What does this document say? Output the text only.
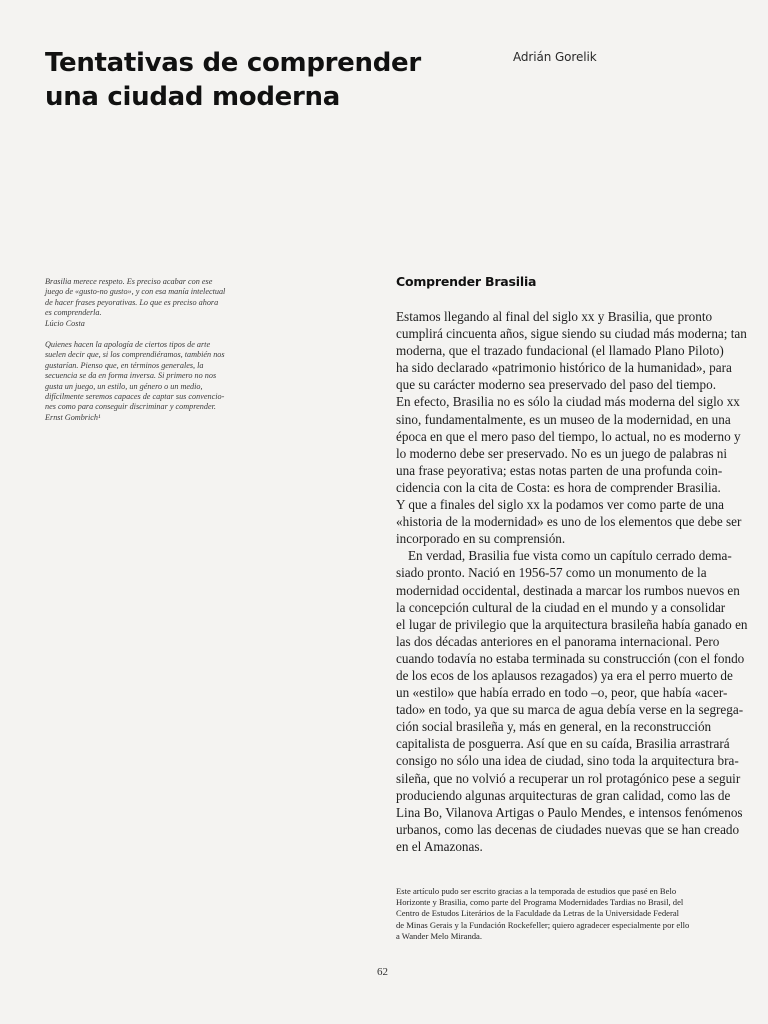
Tentativas de comprender
una ciudad moderna
Adrián Gorelik
Brasilia merece respeto. Es preciso acabar con ese
juego de «gusto-no gusto», y con esa manía intelectual
de hacer frases peyorativas. Lo que es preciso ahora
es comprenderla.
Lúcio Costa
Quienes hacen la apología de ciertos tipos de arte
suelen decir que, si los comprendiéramos, también nos
gustarían. Pienso que, en términos generales, la
secuencia se da en forma inversa. Si primero no nos
gusta un juego, un estilo, un género o un medio,
difícilmente seremos capaces de captar sus convencio-
nes como para conseguir discriminar y comprender.
Ernst Gombrich¹
Comprender Brasilia
Estamos llegando al final del siglo xx y Brasilia, que pronto
cumplirá cincuenta años, sigue siendo su ciudad más moderna; tan
moderna, que el trazado fundacional (el llamado Plano Piloto)
ha sido declarado «patrimonio histórico de la humanidad», para
que su carácter moderno sea preservado del paso del tiempo.
En efecto, Brasilia no es sólo la ciudad más moderna del siglo xx
sino, fundamentalmente, es un museo de la modernidad, en una
época en que el mero paso del tiempo, lo actual, no es moderno y
lo moderno debe ser preservado. No es un juego de palabras ni
una frase peyorativa; estas notas parten de una profunda coin-
cidencia con la cita de Costa: es hora de comprender Brasilia.
Y que a finales del siglo xx la podamos ver como parte de una
«historia de la modernidad» es uno de los elementos que debe ser
incorporado en su comprensión.
En verdad, Brasilia fue vista como un capítulo cerrado dema-
siado pronto. Nació en 1956-57 como un monumento de la
modernidad occidental, destinada a marcar los rumbos nuevos en
la concepción cultural de la ciudad en el mundo y a consolidar
el lugar de privilegio que la arquitectura brasileña había ganado en
las dos décadas anteriores en el panorama internacional. Pero
cuando todavía no estaba terminada su construcción (con el fondo
de los ecos de los aplausos rezagados) ya era el perro muerto de
un «estilo» que había errado en todo –o, peor, que había «acer-
tado» en todo, ya que su marca de agua debía verse en la segrega-
ción social brasileña y, más en general, en la reconstrucción
capitalista de posguerra. Así que en su caída, Brasilia arrastrará
consigo no sólo una idea de ciudad, sino toda la arquitectura bra-
sileña, que no volvió a recuperar un rol protagónico pese a seguir
produciendo algunas arquitecturas de gran calidad, como las de
Lina Bo, Vilanova Artigas o Paulo Mendes, e intensos fenómenos
urbanos, como las decenas de ciudades nuevas que se han creado
en el Amazonas.
Este artículo pudo ser escrito gracias a la temporada de estudios que pasé en Belo
Horizonte y Brasilia, como parte del Programa Modernidades Tardias no Brasil, del
Centro de Estudos Literários de la Faculdade da Letras de la Universidade Federal
de Minas Gerais y la Fundación Rockefeller; quiero agradecer especialmente por ello
a Wander Melo Miranda.
62
